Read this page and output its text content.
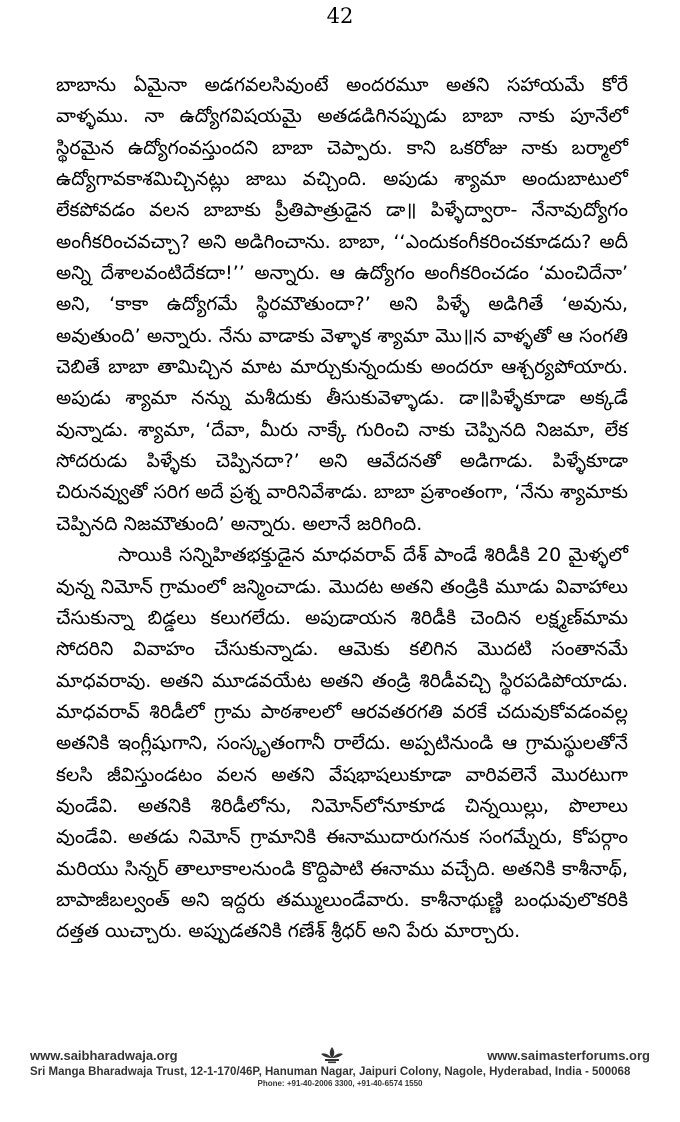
42

బాబాను ఏమైనా అడగవలసివుంటే అందరమూ అతని సహాయమే కోరే వాళ్ళము. నా ఉద్యోగవిషయమై అతడడిగినప్పుడు బాబా నాకు పూనేలో స్థిరమైన ఉద్యోగంవస్తుందని బాబా చెప్పారు. కాని ఒకరోజు నాకు బర్మాలో ఉద్యోగావకాశమిచ్చినట్లు జాబు వచ్చింది. అపుడు శ్యామా అందుబాటులో లేకపోవడం వలన బాబాకు ప్రీతిపాత్రుడైన డా॥ పిళ్ళేద్వారా- నేనావుద్యోగం అంగీకరించవచ్చా? అని అడిగించాను. బాబా, ‘‘ఎందుకంగీకరించకూడదు? అదీ అన్ని దేశాలవంటిదేకదా!’’ అన్నారు. ఆ ఉద్యోగం అంగీకరించడం ‘మంచిదేనా’ అని, ‘కాకా ఉద్యోగమే స్థిరమౌతుందా?’ అని పిళ్ళే అడిగితే ‘అవును, అవుతుంది’ అన్నారు. నేను వాడాకు వెళ్ళాక శ్యామా మొ॥న వాళ్ళతో ఆ సంగతి చెబితే బాబా తామిచ్చిన మాట మార్చుకున్నందుకు అందరూ ఆశ్చర్యపోయారు. అపుడు శ్యామా నన్ను మశీదుకు తీసుకువెళ్ళాడు. డా॥పిళ్ళేకూడా అక్కడే వున్నాడు. శ్యామా, ‘దేవా, మీరు నాక్కే గురించి నాకు చెప్పినది నిజమా, లేక సోదరుడు పిళ్ళేకు చెప్పినదా?’ అని ఆవేదనతో అడిగాడు. పిళ్ళేకూడా చిరునవ్వుతో సరిగ అదే ప్రశ్న వారినివేశాడు. బాబా ప్రశాంతంగా, ‘నేను శ్యామాకు చెప్పినది నిజమౌతుంది’ అన్నారు. అలానే జరిగింది.

సాయికి సన్నిహితభక్తుడైన మాధవరావ్ దేశ్ పాండే శిరిడీకి 20 మైళ్ళలో వున్న నిమోన్ గ్రామంలో జన్మించాడు. మొదట అతని తండ్రికి మూడు వివాహాలు చేసుకున్నా బిడ్డలు కలుగలేదు. అపుడాయన శిరిడీకి చెందిన లక్ష్మణ్‌మామ సోదరిని వివాహం చేసుకున్నాడు. ఆమెకు కలిగిన మొదటి సంతానమే మాధవరావు. అతని మూడవయేట అతని తండ్రి శిరిడీవచ్చి స్థిరపడిపోయాడు. మాధవరావ్ శిరిడీలో గ్రామ పాఠశాలలో ఆరవతరగతి వరకే చదువుకోవడంవల్ల అతనికి ఇంగ్లీషుగాని, సంస్కృతంగానీ రాలేదు. అప్పటినుండి ఆ గ్రామస్థులతోనే కలసి జీవిస్తుండటం వలన అతని వేషభాషలుకూడా వారివలెనే మొరటుగా వుండేవి. అతనికి శిరిడీలోను, నిమోన్‌లోనూకూడ చిన్నయిల్లు, పొలాలు వుండేవి. అతడు నిమోన్ గ్రామానికి ఈనాముదారుగనుక సంగమ్నేరు, కోపర్గాం మరియు సిన్నర్ తాలూకాలనుండి కొద్దిపాటి ఈనాము వచ్చేది. అతనికి కాశీనాథ్, బాపాజీబల్వంత్ అని ఇద్దరు తమ్ములుండేవారు. కాశీనాథుణ్ణి బంధువులొకరికి దత్తత యిచ్చారు. అప్పుడతనికి గణేశ్ శ్రీధర్ అని పేరు మార్చారు.

www.saibharadwaja.org	www.saimasterforums.org
Sri Manga Bharadwaja Trust, 12-1-170/46P, Hanuman Nagar, Jaipuri Colony, Nagole, Hyderabad, India - 500068
Phone: +91-40-2006 3300, +91-40-6574 1550
